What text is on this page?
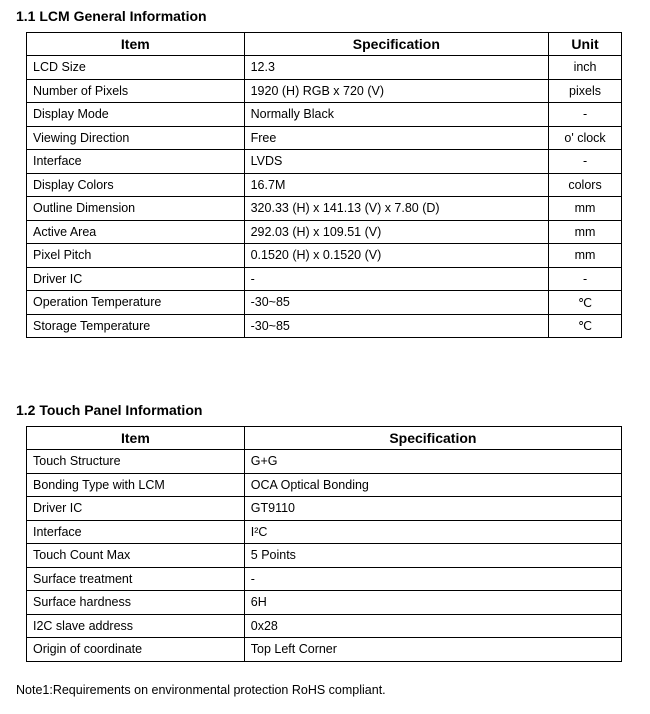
1.1 LCM General Information
Item	Specification	Unit
LCD Size	12.3	inch
Number of Pixels	1920 (H) RGB x 720 (V)	pixels
Display Mode	Normally Black	-
Viewing Direction	Free	o' clock
Interface	LVDS	-
Display Colors	16.7M	colors
Outline Dimension	320.33 (H) x 141.13 (V) x 7.80 (D)	mm
Active Area	292.03 (H) x 109.51 (V)	mm
Pixel Pitch	0.1520 (H) x 0.1520 (V)	mm
Driver IC	-	-
Operation Temperature	-30~85	℃
Storage Temperature	-30~85	℃
1.2 Touch Panel Information
Item	Specification
Touch Structure	G+G
Bonding Type with LCM	OCA Optical Bonding
Driver IC	GT9110
Interface	I²C
Touch Count Max	5 Points
Surface treatment	-
Surface hardness	6H
I2C slave address	0x28
Origin of coordinate	Top Left Corner
Note1:Requirements on environmental protection RoHS compliant.
